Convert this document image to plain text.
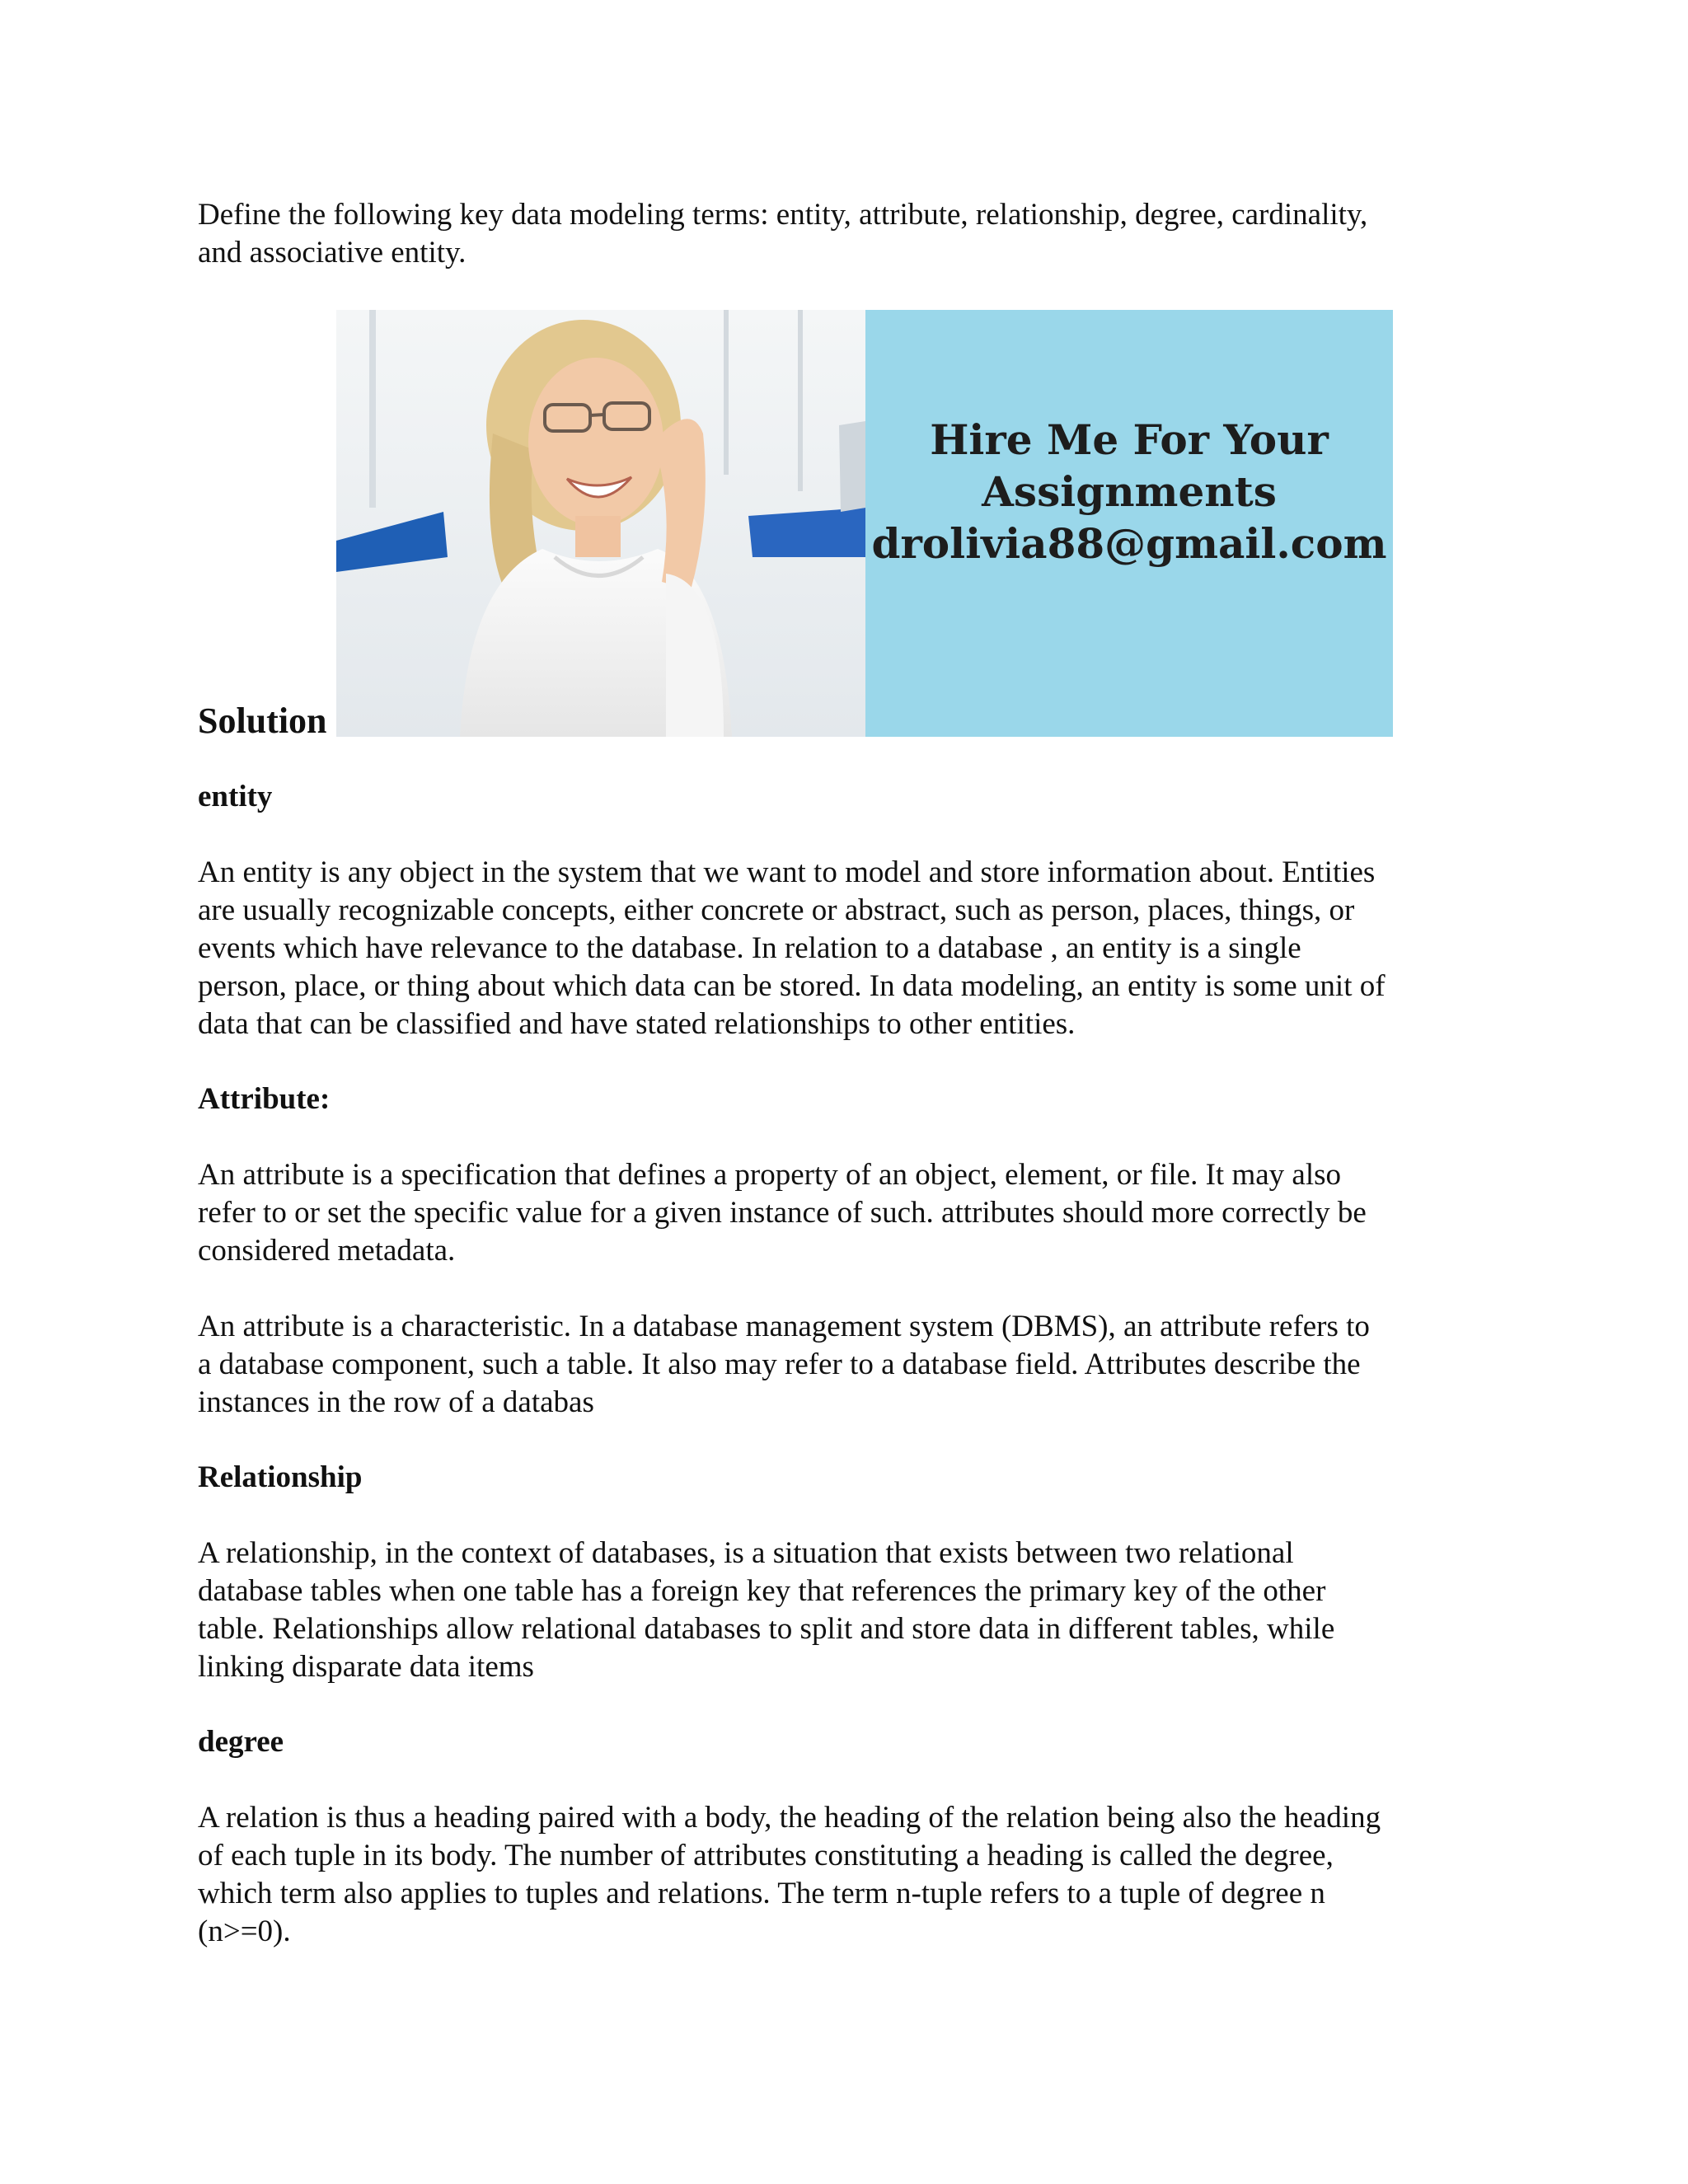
Define the following key data modeling terms: entity, attribute, relationship, degree, cardinality,
and associative entity.
Hire Me For Your
Assignments
drolivia88@gmail.com
Solution
entity
An entity is any object in the system that we want to model and store information about. Entities
are usually recognizable concepts, either concrete or abstract, such as person, places, things, or
events which have relevance to the database. In relation to a database , an entity is a single
person, place, or thing about which data can be stored. In data modeling, an entity is some unit of
data that can be classified and have stated relationships to other entities.
Attribute:
An attribute is a specification that defines a property of an object, element, or file. It may also
refer to or set the specific value for a given instance of such. attributes should more correctly be
considered metadata.
An attribute is a characteristic. In a database management system (DBMS), an attribute refers to
a database component, such a table. It also may refer to a database field. Attributes describe the
instances in the row of a databas
Relationship
A relationship, in the context of databases, is a situation that exists between two relational
database tables when one table has a foreign key that references the primary key of the other
table. Relationships allow relational databases to split and store data in different tables, while
linking disparate data items
degree
A relation is thus a heading paired with a body, the heading of the relation being also the heading
of each tuple in its body. The number of attributes constituting a heading is called the degree,
which term also applies to tuples and relations. The term n-tuple refers to a tuple of degree n
(n>=0).
